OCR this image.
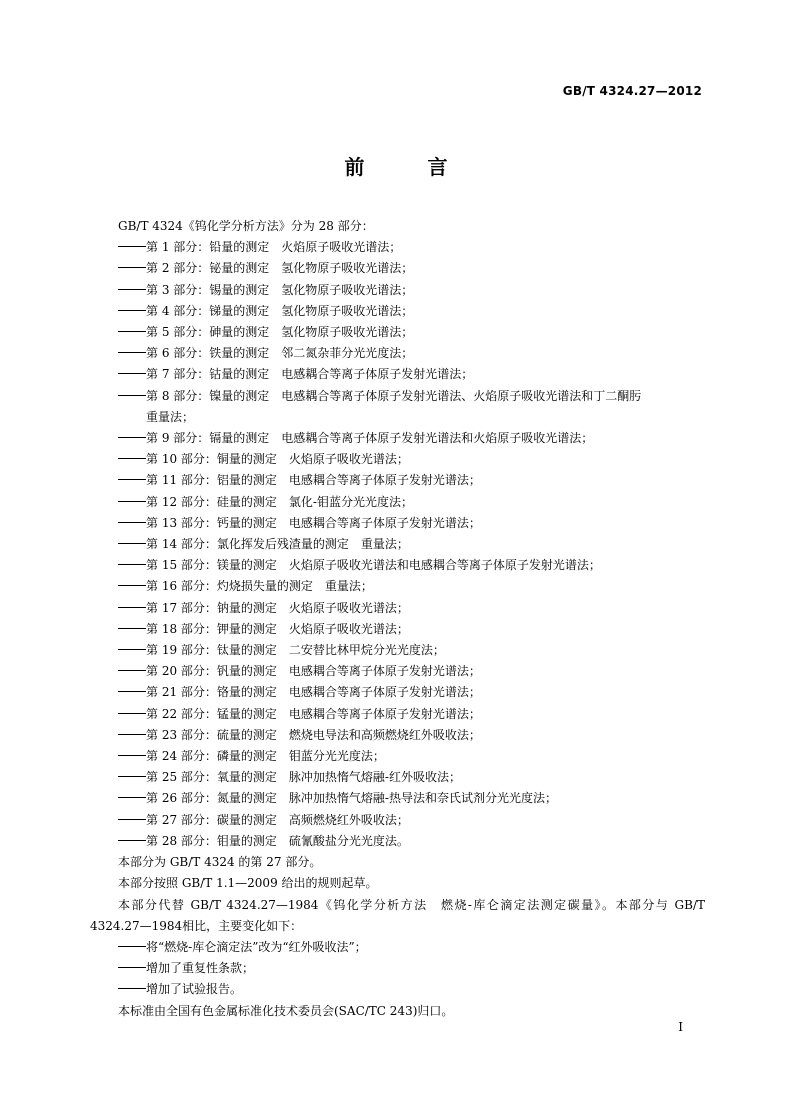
GB/T 4324.27—2012
前 言
GB/T 4324《钨化学分析方法》分为 28 部分：
第 1 部分：铅量的测定 火焰原子吸收光谱法；
第 2 部分：铋量的测定 氢化物原子吸收光谱法；
第 3 部分：锡量的测定 氢化物原子吸收光谱法；
第 4 部分：锑量的测定 氢化物原子吸收光谱法；
第 5 部分：砷量的测定 氢化物原子吸收光谱法；
第 6 部分：铁量的测定 邻二氮杂菲分光光度法；
第 7 部分：钴量的测定 电感耦合等离子体原子发射光谱法；
第 8 部分：镍量的测定 电感耦合等离子体原子发射光谱法、火焰原子吸收光谱法和丁二酮肟
重量法；
第 9 部分：镉量的测定 电感耦合等离子体原子发射光谱法和火焰原子吸收光谱法；
第 10 部分：铜量的测定 火焰原子吸收光谱法；
第 11 部分：铝量的测定 电感耦合等离子体原子发射光谱法；
第 12 部分：硅量的测定 氯化-钼蓝分光光度法；
第 13 部分：钙量的测定 电感耦合等离子体原子发射光谱法；
第 14 部分：氯化挥发后残渣量的测定 重量法；
第 15 部分：镁量的测定 火焰原子吸收光谱法和电感耦合等离子体原子发射光谱法；
第 16 部分：灼烧损失量的测定 重量法；
第 17 部分：钠量的测定 火焰原子吸收光谱法；
第 18 部分：钾量的测定 火焰原子吸收光谱法；
第 19 部分：钛量的测定 二安替比林甲烷分光光度法；
第 20 部分：钒量的测定 电感耦合等离子体原子发射光谱法；
第 21 部分：铬量的测定 电感耦合等离子体原子发射光谱法；
第 22 部分：锰量的测定 电感耦合等离子体原子发射光谱法；
第 23 部分：硫量的测定 燃烧电导法和高频燃烧红外吸收法；
第 24 部分：磷量的测定 钼蓝分光光度法；
第 25 部分：氧量的测定 脉冲加热惰气熔融-红外吸收法；
第 26 部分：氮量的测定 脉冲加热惰气熔融-热导法和奈氏试剂分光光度法；
第 27 部分：碳量的测定 高频燃烧红外吸收法；
第 28 部分：钼量的测定 硫氰酸盐分光光度法。
本部分为 GB/T 4324 的第 27 部分。
本部分按照 GB/T 1.1—2009 给出的规则起草。
本部分代替 GB/T 4324.27—1984《钨化学分析方法　燃烧-库仑滴定法测定碳量》。本部分与 GB/T 4324.27—1984相比，主要变化如下：
将“燃烧-库仑滴定法”改为“红外吸收法”；
增加了重复性条款；
增加了试验报告。
本标准由全国有色金属标准化技术委员会(SAC/TC 243)归口。
I
